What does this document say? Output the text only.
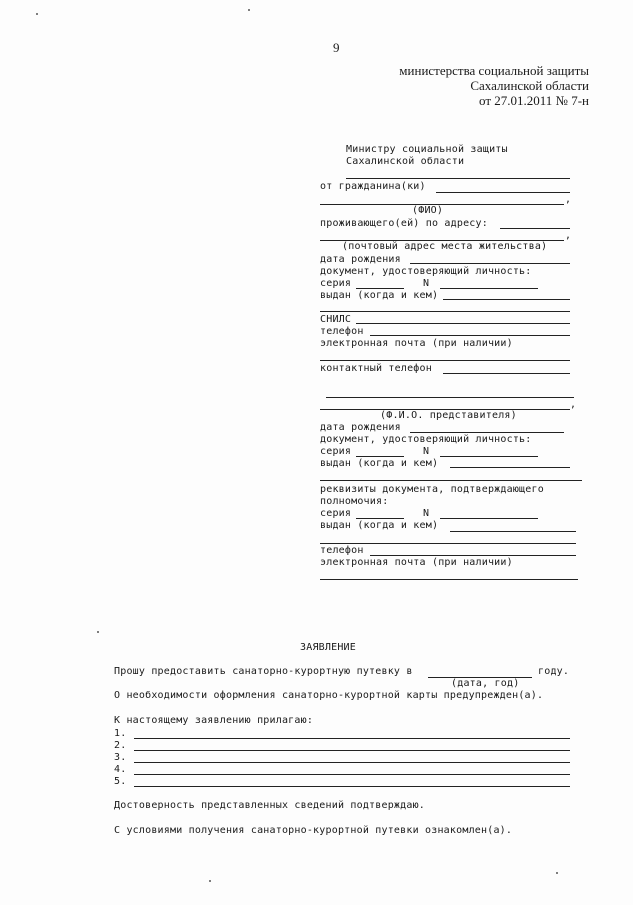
9
министерства социальной защиты
Сахалинской области
от 27.01.2011 № 7-н
Министру социальной защиты
Сахалинской области
от гражданина(ки)
,
(ФИО)
проживающего(ей) по адресу:
,
(почтовый адрес места жительства)
дата рождения
документ, удостоверяющий личность:
серия	N
выдан (когда и кем)
СНИЛС
телефон
электронная почта (при наличии)
контактный телефон
,
(Ф.И.О. представителя)
дата рождения
документ, удостоверяющий личность:
серия	N
выдан (когда и кем)
реквизиты документа, подтверждающего
полномочия:
серия	N
выдан (когда и кем)
телефон
электронная почта (при наличии)
ЗАЯВЛЕНИЕ
Прошу предоставить санаторно-курортную путевку в	году.
(дата, год)
О необходимости оформления санаторно-курортной карты предупрежден(а).
К настоящему заявлению прилагаю:
1.
2.
3.
4.
5.
Достоверность представленных сведений подтверждаю.
С условиями получения санаторно-курортной путевки ознакомлен(а).
